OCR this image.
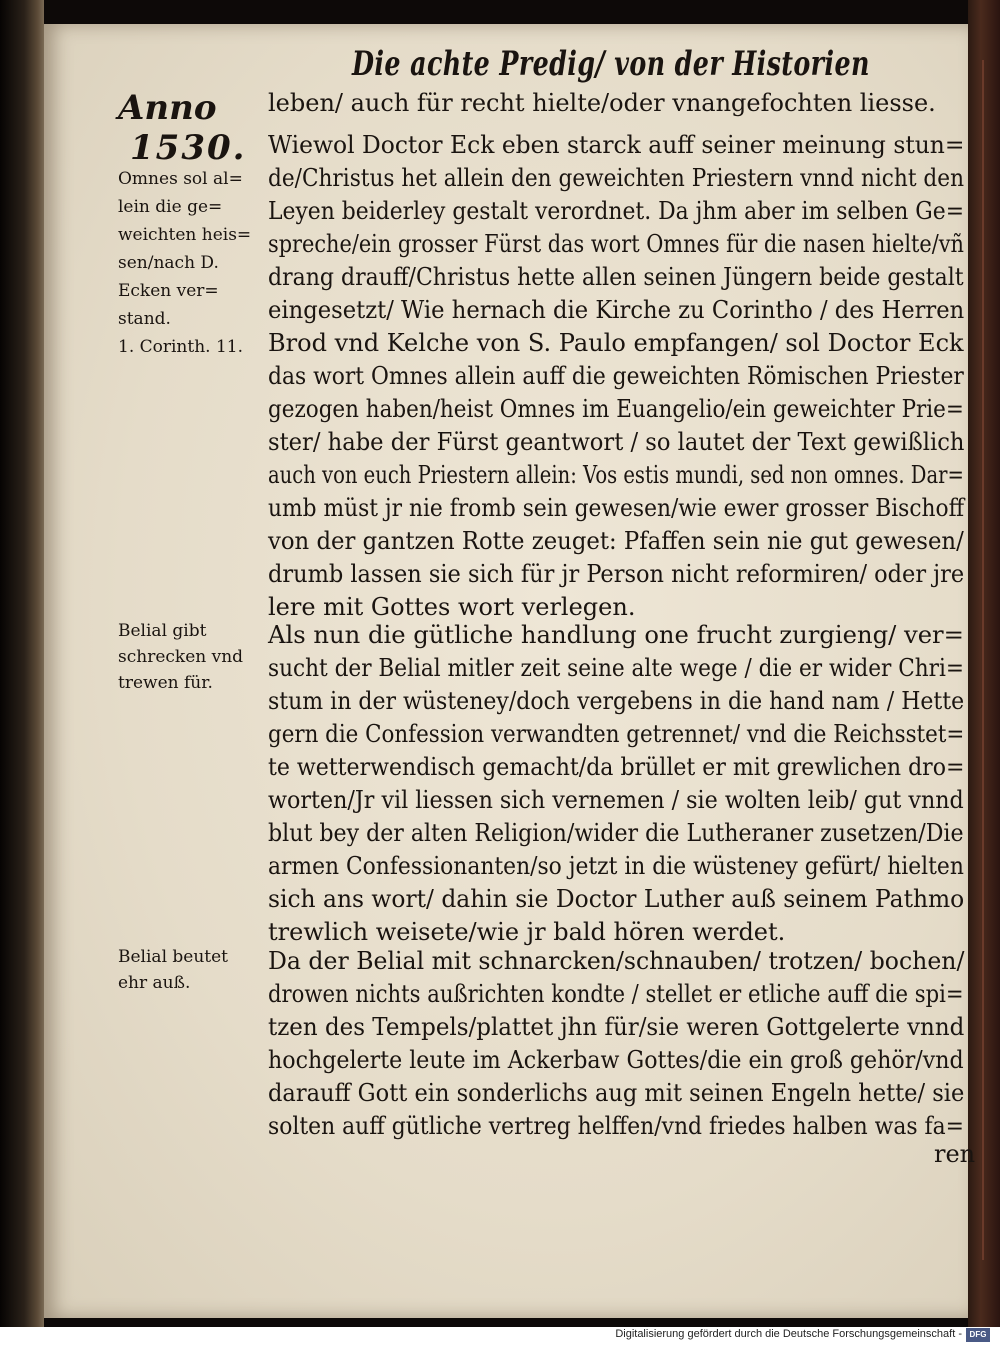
Die achte Predig/ von der Historien
Anno
1530.
leben/ auch für recht hielte/oder vnangefochten liesse.
Wiewol Doctor Eck eben starck auff seiner meinung stun=
de/Christus het allein den geweichten Priestern vnnd nicht den
Leyen beiderley gestalt verordnet. Da jhm aber im selben Ge=
spreche/ein grosser Fürst das wort Omnes für die nasen hielte/vñ
drang drauff/Christus hette allen seinen Jüngern beide gestalt
eingesetzt/ Wie hernach die Kirche zu Corintho / des Herren
Brod vnd Kelche von S. Paulo empfangen/ sol Doctor Eck
das wort Omnes allein auff die geweichten Römischen Priester
gezogen haben/heist Omnes im Euangelio/ein geweichter Prie=
ster/ habe der Fürst geantwort / so lautet der Text gewißlich
auch von euch Priestern allein: Vos estis mundi, sed non omnes. Dar=
umb müst jr nie fromb sein gewesen/wie ewer grosser Bischoff
von der gantzen Rotte zeuget: Pfaffen sein nie gut gewesen/
drumb lassen sie sich für jr Person nicht reformiren/ oder jre
lere mit Gottes wort verlegen.
Als nun die gütliche handlung one frucht zurgieng/ ver=
sucht der Belial mitler zeit seine alte wege / die er wider Chri=
stum in der wüsteney/doch vergebens in die hand nam / Hette
gern die Confession verwandten getrennet/ vnd die Reichsstet=
te wetterwendisch gemacht/da brüllet er mit grewlichen dro=
worten/Jr vil liessen sich vernemen / sie wolten leib/ gut vnnd
blut bey der alten Religion/wider die Lutheraner zusetzen/Die
armen Confessionanten/so jetzt in die wüsteney gefürt/ hielten
sich ans wort/ dahin sie Doctor Luther auß seinem Pathmo
trewlich weisete/wie jr bald hören werdet.
Da der Belial mit schnarcken/schnauben/ trotzen/ bochen/
drowen nichts außrichten kondte / stellet er etliche auff die spi=
tzen des Tempels/plattet jhn für/sie weren Gottgelerte vnnd
hochgelerte leute im Ackerbaw Gottes/die ein groß gehör/vnd
darauff Gott ein sonderlichs aug mit seinen Engeln hette/ sie
solten auff gütliche vertreg helffen/vnd friedes halben was fa=
ren
Omnes sol al=
lein die ge=
weichten heis=
sen/nach D.
Ecken ver=
stand.
1. Corinth. 11.
Belial gibt
schrecken vnd
trewen für.
Belial beutet
ehr auß.
Digitalisierung gefördert durch die Deutsche Forschungsgemeinschaft - DFG
